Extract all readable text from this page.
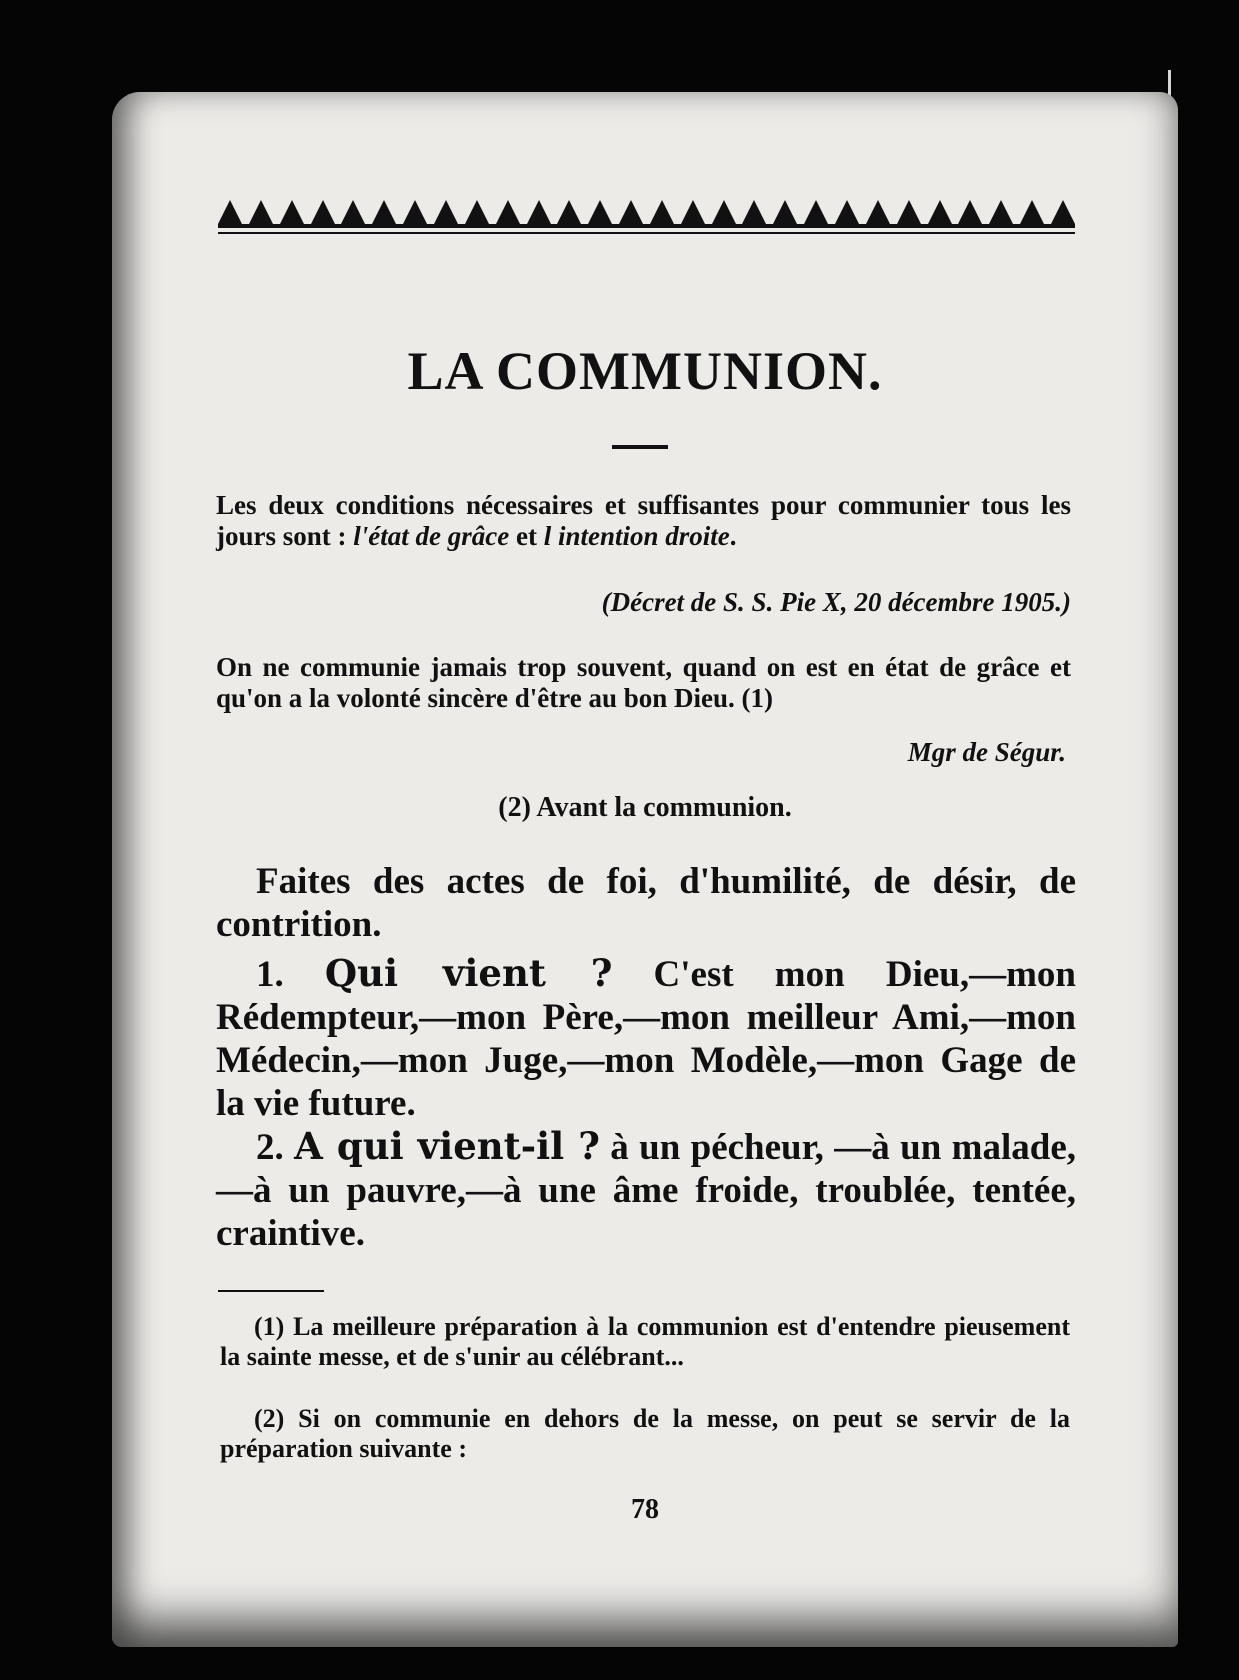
LA COMMUNION.
Les deux conditions nécessaires et suffisantes pour communier tous les jours sont : l'état de grâce et l intention droite.
(Décret de S. S. Pie X, 20 décembre 1905.)
On ne communie jamais trop souvent, quand on est en état de grâce et qu'on a la volonté sincère d'être au bon Dieu. (1)
Mgr de Ségur.
(2) Avant la communion.
Faites des actes de foi, d'humilité, de désir, de contrition.
1. Qui vient ? C'est mon Dieu,—mon Rédempteur,—mon Père,—mon meilleur Ami,—mon Médecin,—mon Juge,—mon Modèle,—mon Gage de la vie future.
2. A qui vient-il ? à un pécheur, —à un malade,—à un pauvre,—à une âme froide, troublée, tentée, craintive.
(1) La meilleure préparation à la communion est d'entendre pieusement la sainte messe, et de s'unir au célébrant...
(2) Si on communie en dehors de la messe, on peut se servir de la préparation suivante :
78
